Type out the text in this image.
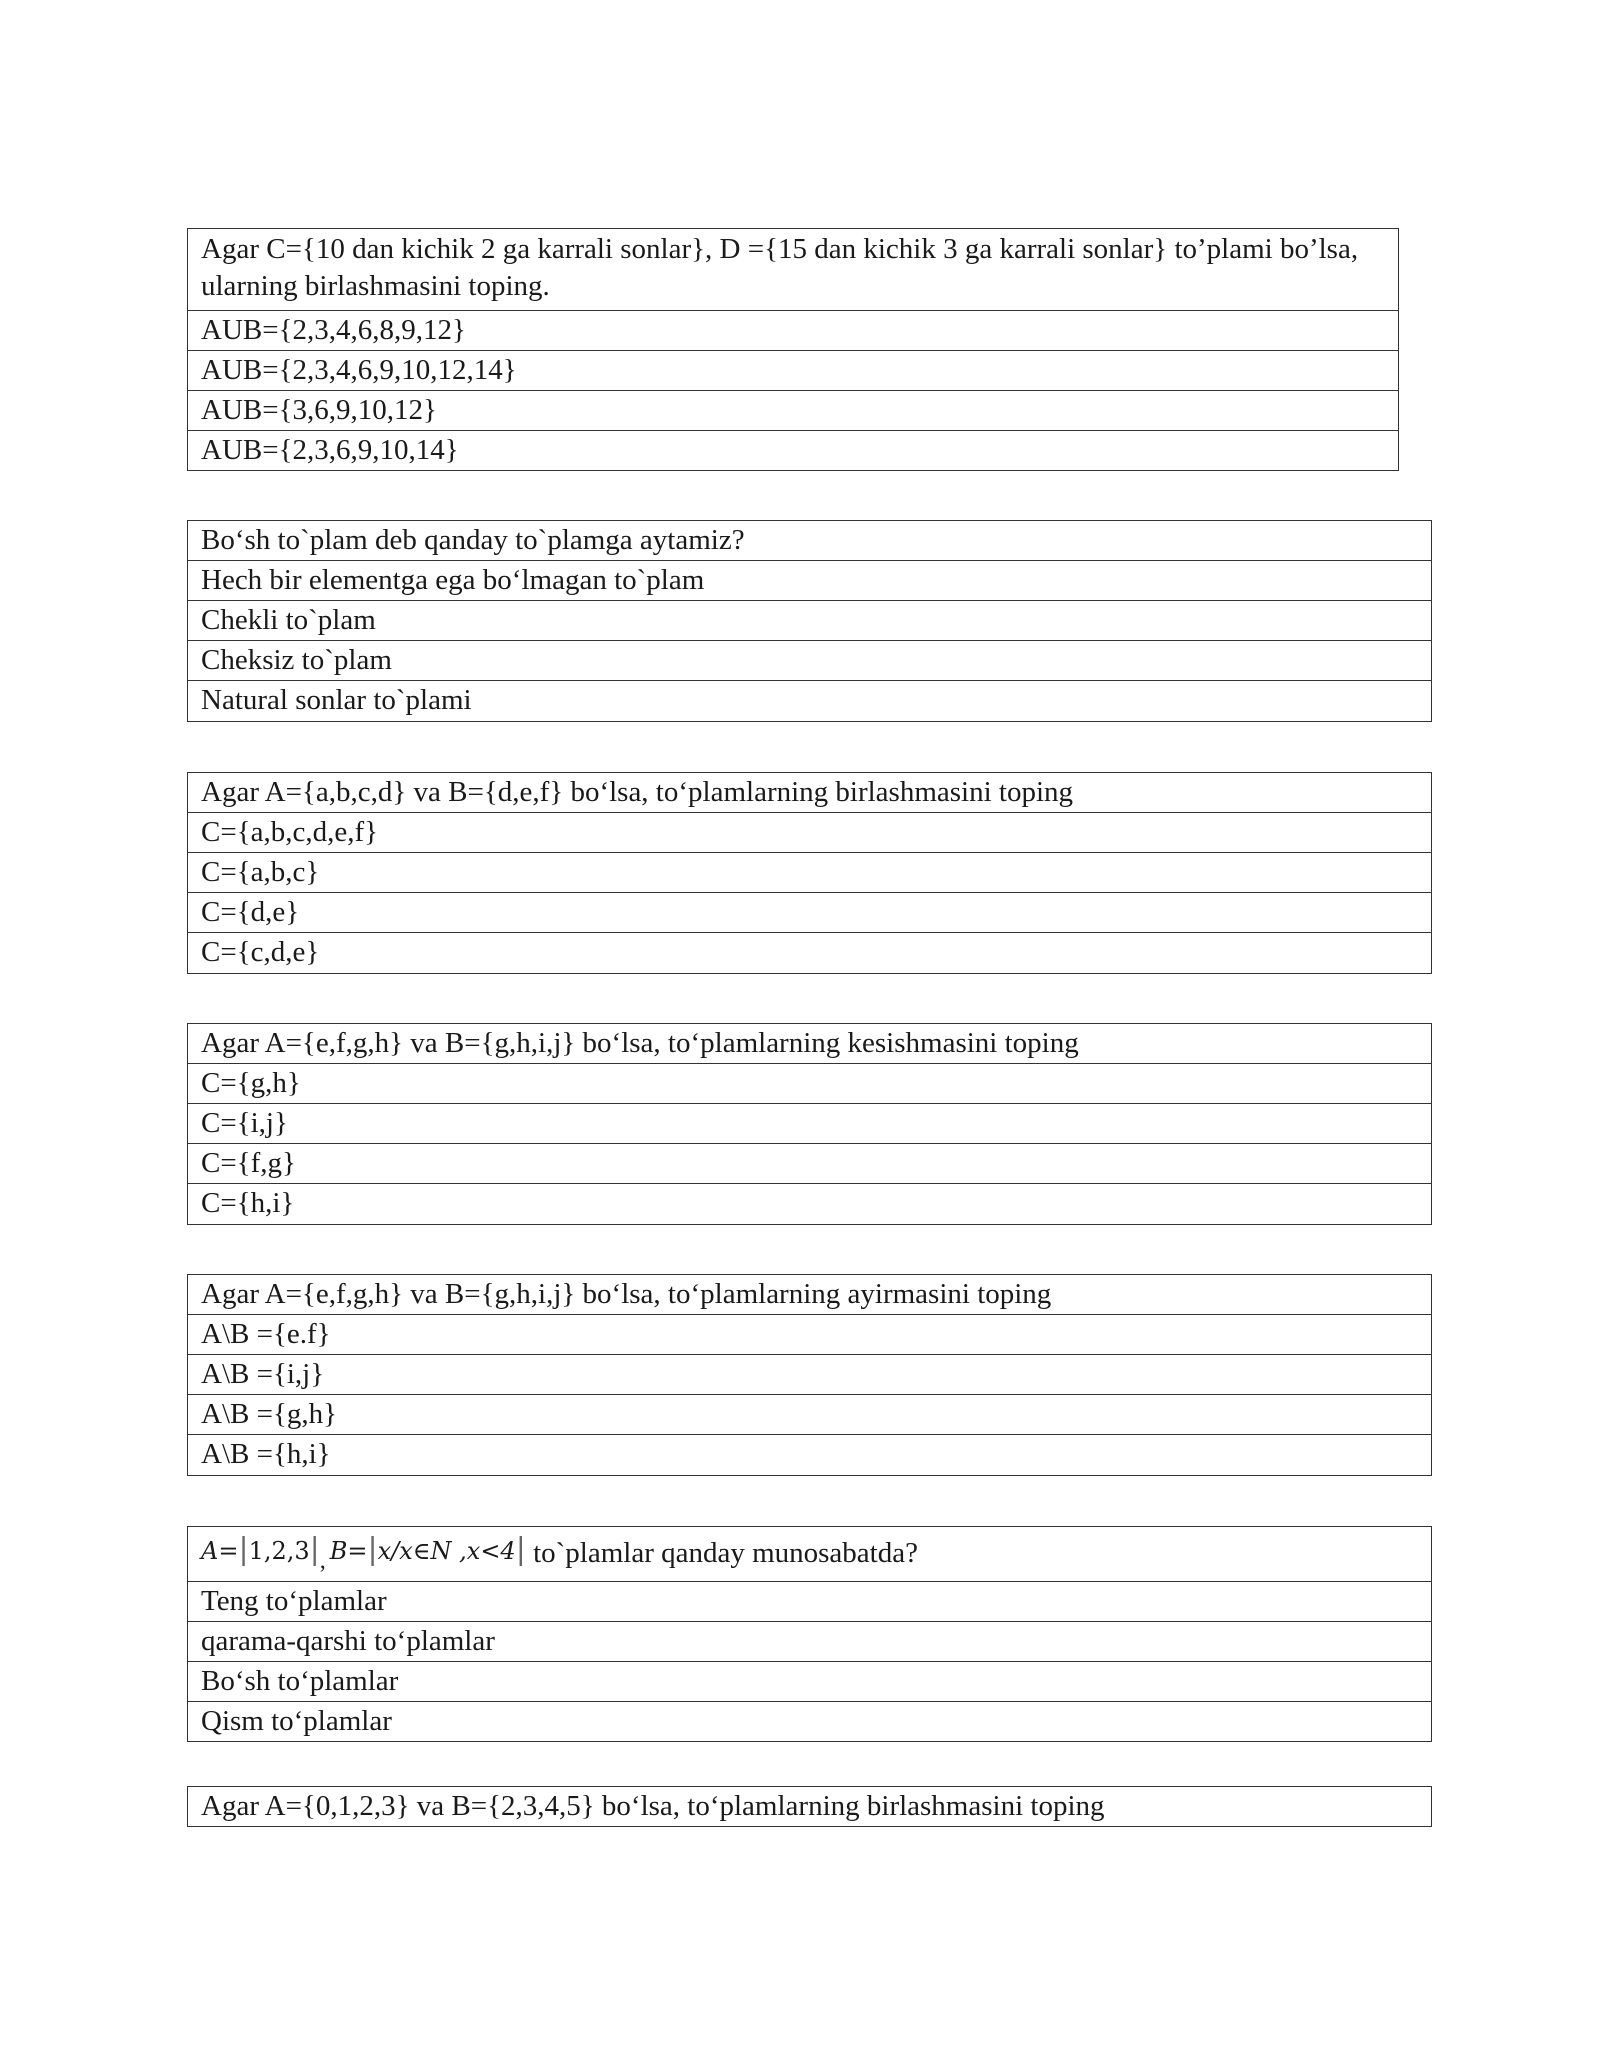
Agar C={10 dan kichik 2 ga karrali sonlar}, D ={15 dan kichik 3 ga karrali sonlar} to’plami bo’lsa, ularning birlashmasini toping.
AUB={2,3,4,6,8,9,12}
AUB={2,3,4,6,9,10,12,14}
AUB={3,6,9,10,12}
AUB={2,3,6,9,10,14}
Bo‘sh to`plam deb qanday to`plamga aytamiz?
Hech bir elementga ega bo‘lmagan to`plam
Chekli to`plam
Cheksiz to`plam
Natural sonlar to`plami
Agar A={a,b,c,d} va B={d,e,f} bo‘lsa, to‘plamlarning birlashmasini toping
C={a,b,c,d,e,f}
C={a,b,c}
C={d,e}
C={c,d,e}
Agar A={e,f,g,h} va B={g,h,i,j} bo‘lsa, to‘plamlarning kesishmasini toping
C={g,h}
C={i,j}
C={f,g}
C={h,i}
Agar A={e,f,g,h} va B={g,h,i,j} bo‘lsa, to‘plamlarning ayirmasini toping
A\B ={e.f}
A\B ={i,j}
A\B ={g,h}
A\B ={h,i}
$A=|1,2,3|_,$ B=|x/x∈N ,x<4| to`plamlar qanday munosabatda?
Teng to‘plamlar
qarama-qarshi to‘plamlar
Bo‘sh to‘plamlar
Qism to‘plamlar
Agar A={0,1,2,3} va B={2,3,4,5} bo‘lsa, to‘plamlarning birlashmasini toping
